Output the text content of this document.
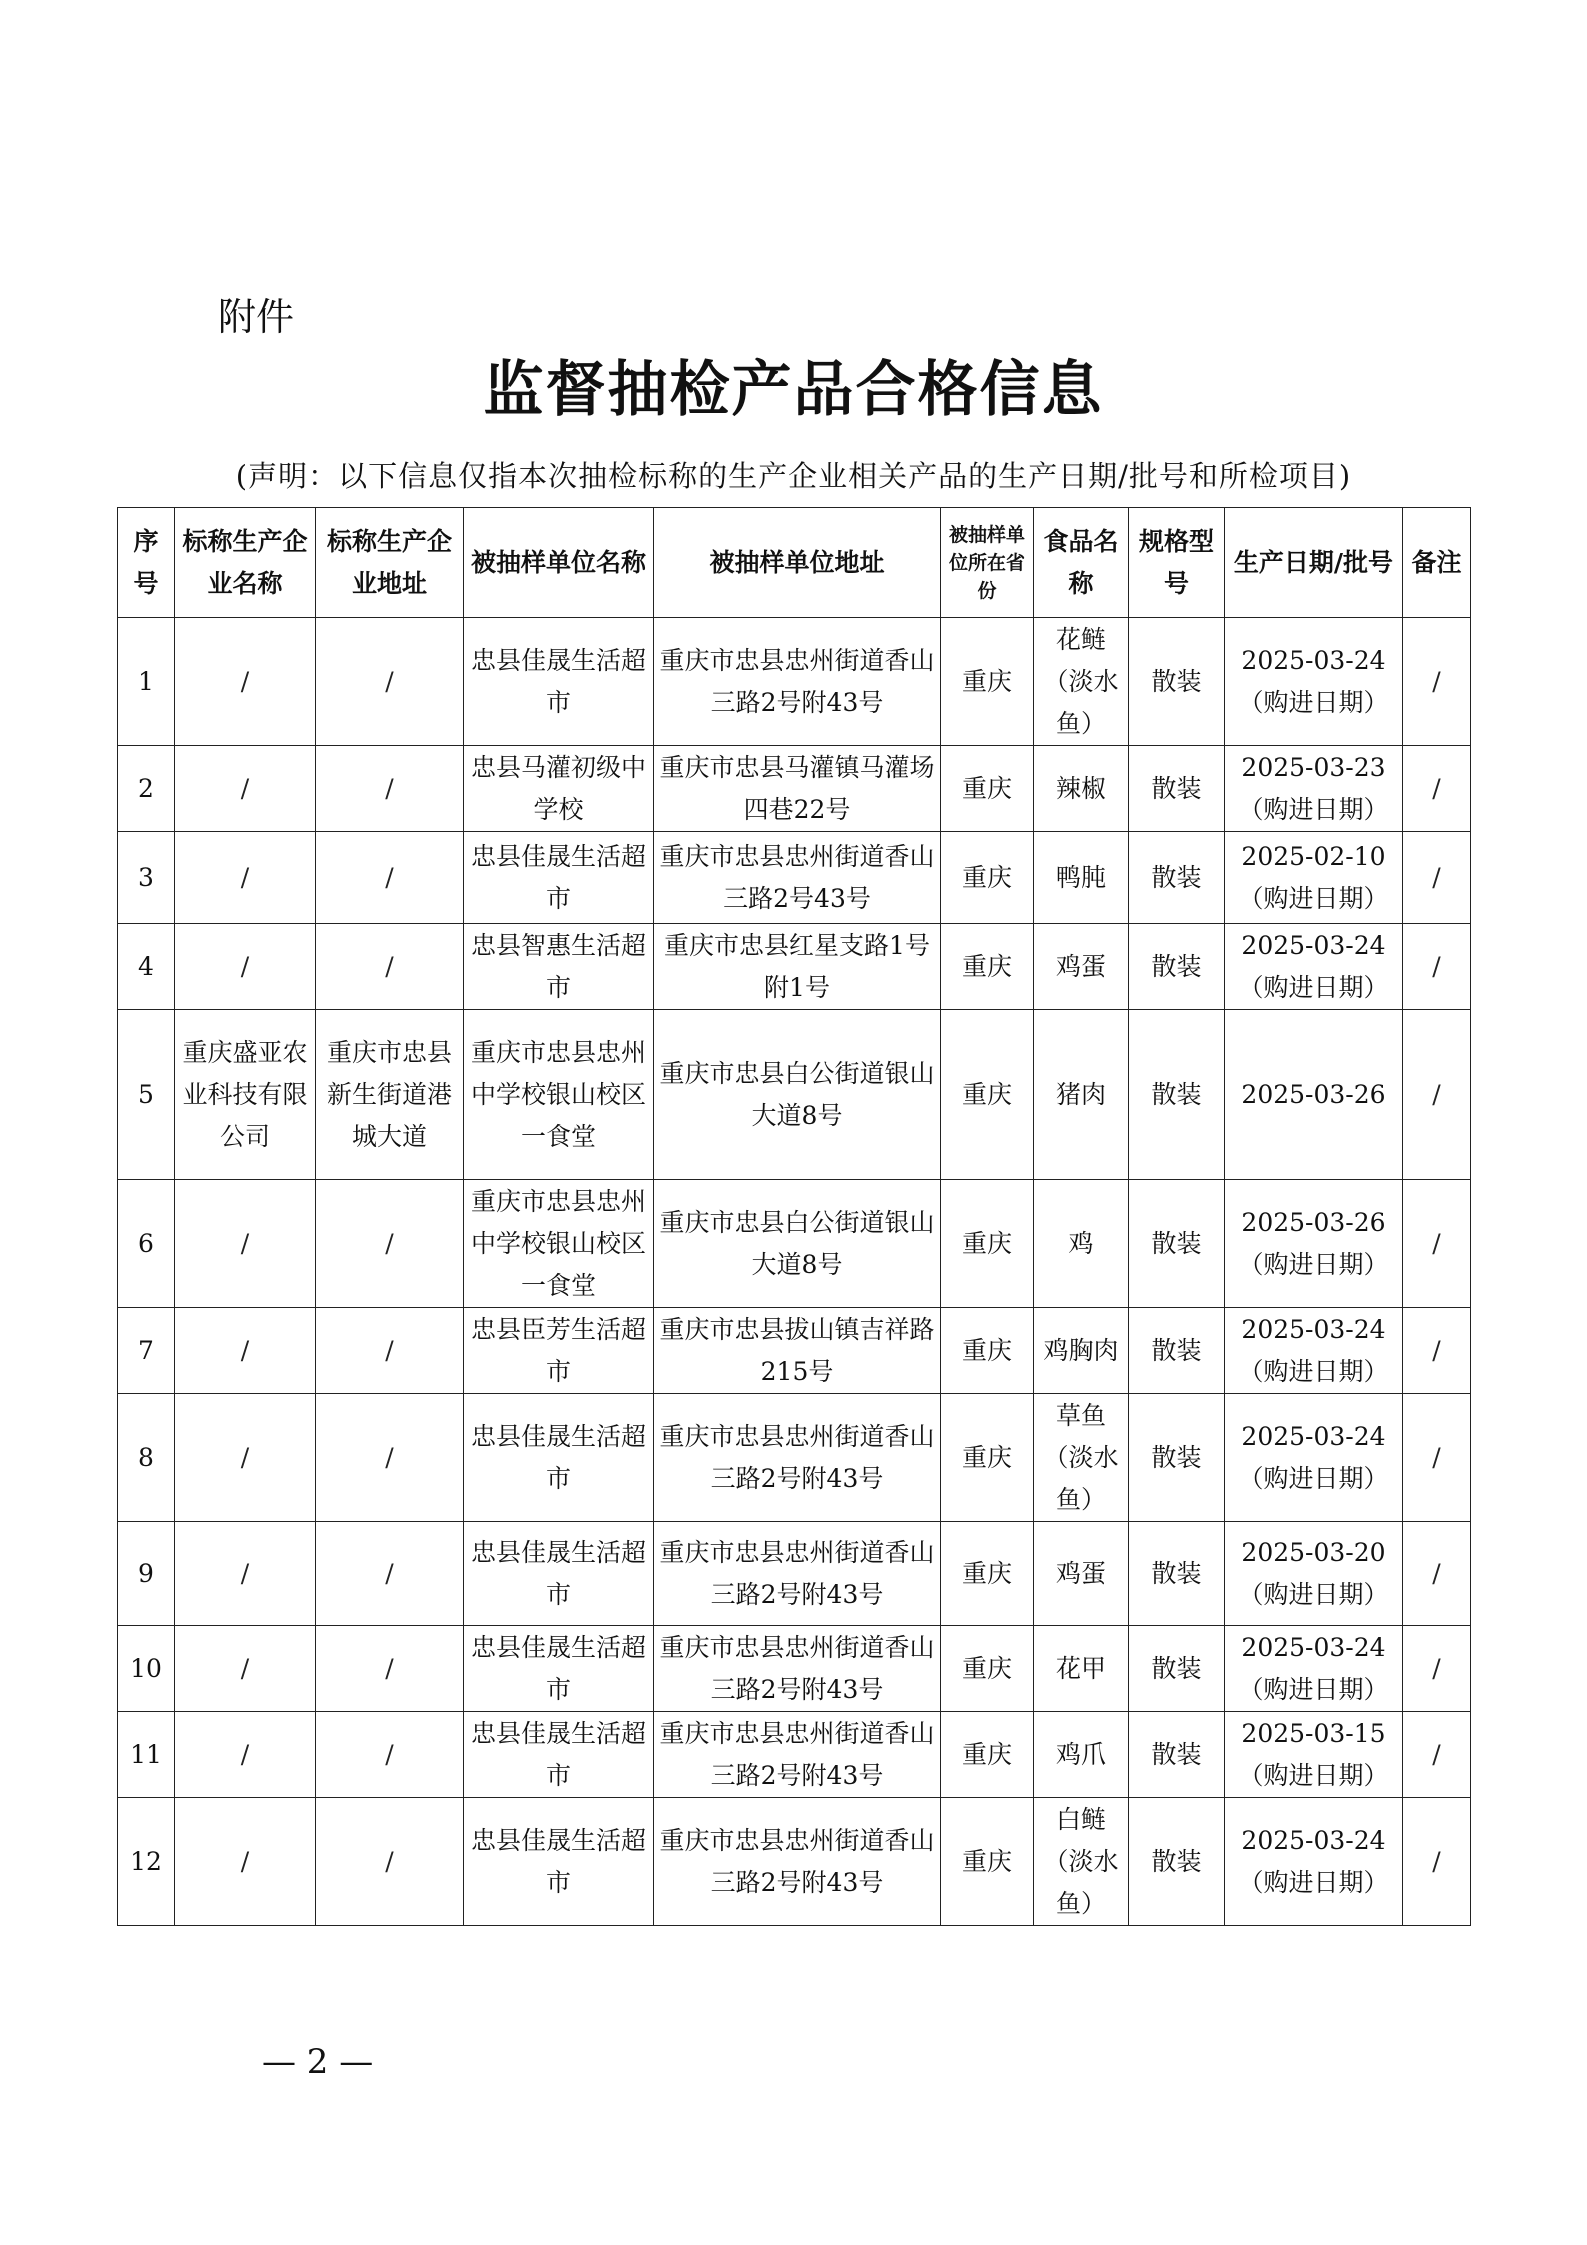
附件
监督抽检产品合格信息
(声明：以下信息仅指本次抽检标称的生产企业相关产品的生产日期/批号和所检项目)
序号	标称生产企业名称	标称生产企业地址	被抽样单位名称	被抽样单位地址	被抽样单位所在省份	食品名称	规格型号	生产日期/批号	备注
1	/	/	忠县佳晟生活超市	重庆市忠县忠州街道香山三路2号附43号	重庆	花鲢（淡水鱼）	散装	2025-03-24（购进日期）	/
2	/	/	忠县马灌初级中学校	重庆市忠县马灌镇马灌场四巷22号	重庆	辣椒	散装	2025-03-23（购进日期）	/
3	/	/	忠县佳晟生活超市	重庆市忠县忠州街道香山三路2号43号	重庆	鸭肫	散装	2025-02-10（购进日期）	/
4	/	/	忠县智惠生活超市	重庆市忠县红星支路1号附1号	重庆	鸡蛋	散装	2025-03-24（购进日期）	/
5	重庆盛亚农业科技有限公司	重庆市忠县新生街道港城大道	重庆市忠县忠州中学校银山校区一食堂	重庆市忠县白公街道银山大道8号	重庆	猪肉	散装	2025-03-26	/
6	/	/	重庆市忠县忠州中学校银山校区一食堂	重庆市忠县白公街道银山大道8号	重庆	鸡	散装	2025-03-26（购进日期）	/
7	/	/	忠县臣芳生活超市	重庆市忠县拔山镇吉祥路215号	重庆	鸡胸肉	散装	2025-03-24（购进日期）	/
8	/	/	忠县佳晟生活超市	重庆市忠县忠州街道香山三路2号附43号	重庆	草鱼（淡水鱼）	散装	2025-03-24（购进日期）	/
9	/	/	忠县佳晟生活超市	重庆市忠县忠州街道香山三路2号附43号	重庆	鸡蛋	散装	2025-03-20（购进日期）	/
10	/	/	忠县佳晟生活超市	重庆市忠县忠州街道香山三路2号附43号	重庆	花甲	散装	2025-03-24（购进日期）	/
11	/	/	忠县佳晟生活超市	重庆市忠县忠州街道香山三路2号附43号	重庆	鸡爪	散装	2025-03-15（购进日期）	/
12	/	/	忠县佳晟生活超市	重庆市忠县忠州街道香山三路2号附43号	重庆	白鲢（淡水鱼）	散装	2025-03-24（购进日期）	/
— 2 —
